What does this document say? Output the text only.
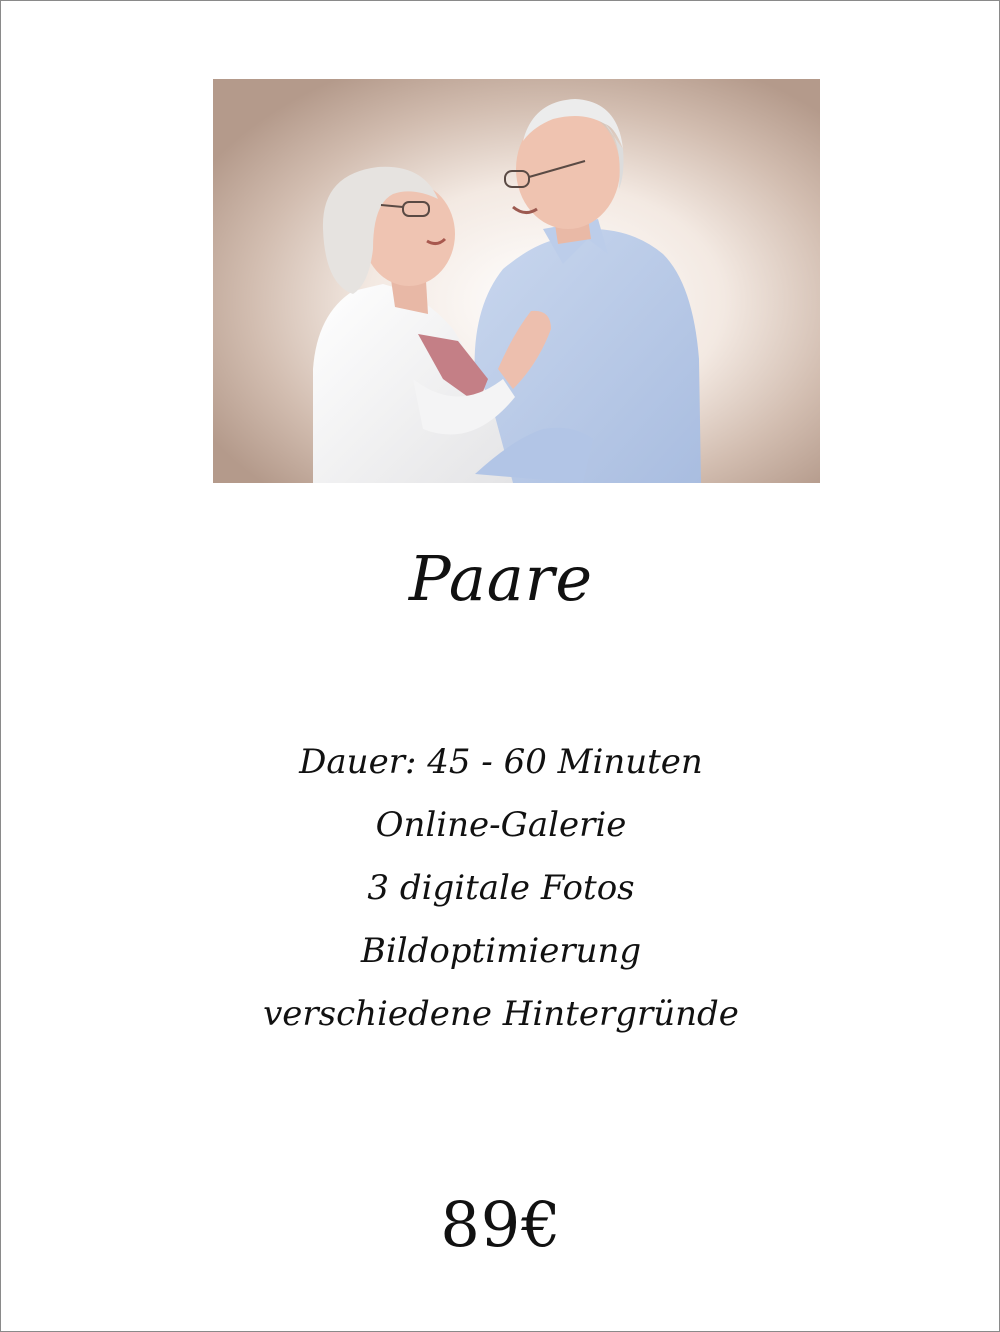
Paare
Dauer: 45 - 60 Minuten
Online-Galerie
3 digitale Fotos
Bildoptimierung
verschiedene Hintergründe
89€
